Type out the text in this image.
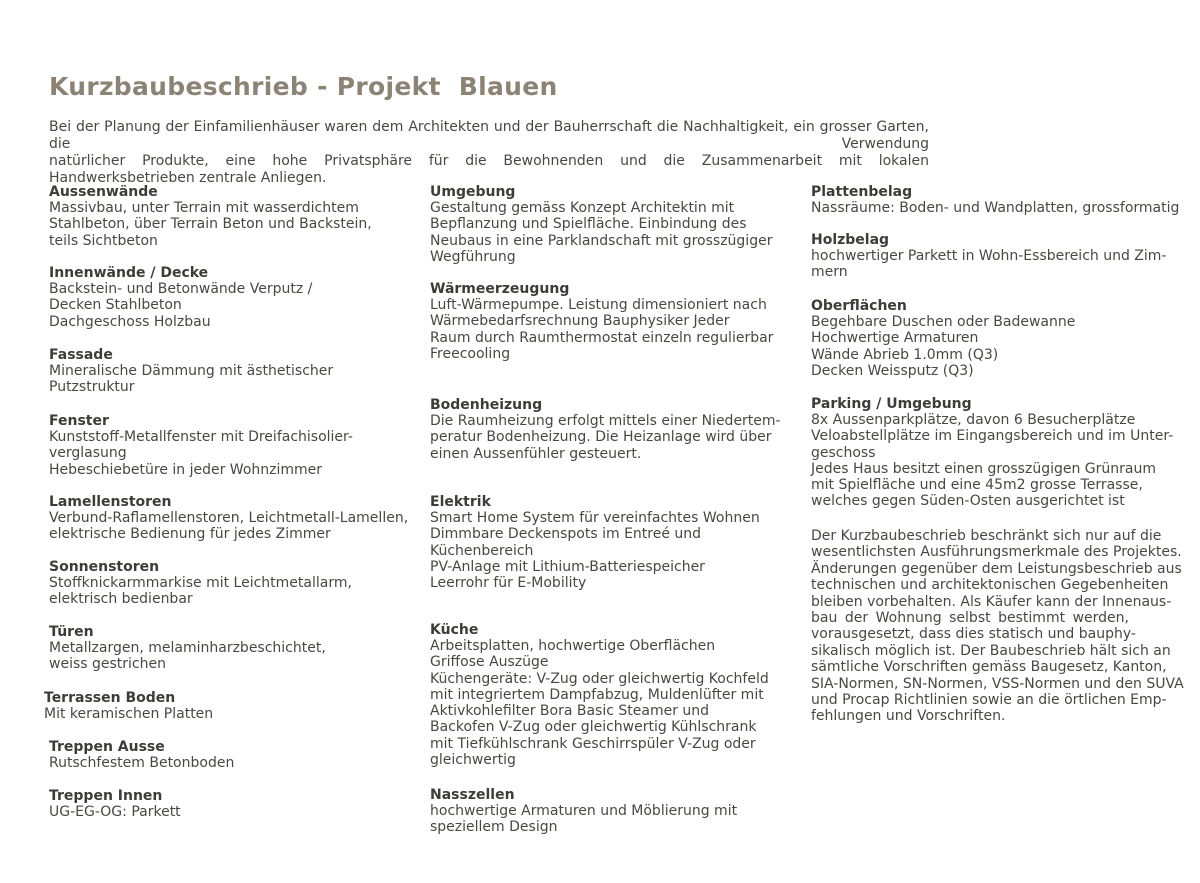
Kurzbaubeschrieb - Projekt  Blauen
Bei der Planung der Einfamilienhäuser waren dem Architekten und der Bauherrschaft die Nachhaltigkeit, ein grosser Garten, die Verwendung
natürlicher Produkte, eine hohe Privatsphäre für die Bewohnenden und die Zusammenarbeit mit lokalen Handwerksbetrieben zentrale Anliegen.
Aussenwände
Massivbau, unter Terrain mit wasserdichtem
Stahlbeton, über Terrain Beton und Backstein,
teils Sichtbeton
Innenwände / Decke
Backstein- und Betonwände Verputz /
Decken Stahlbeton
Dachgeschoss Holzbau
Fassade
Mineralische Dämmung mit ästhetischer
Putzstruktur
Fenster
Kunststoff-Metallfenster mit Dreifachisolier-
verglasung
Hebeschiebetüre in jeder Wohnzimmer
Lamellenstoren
Verbund-Raflamellenstoren, Leichtmetall-Lamellen,
elektrische Bedienung für jedes Zimmer
Sonnenstoren
Stoffknickarmmarkise mit Leichtmetallarm,
elektrisch bedienbar
Türen
Metallzargen, melaminharzbeschichtet,
weiss gestrichen
Terrassen Boden
Mit keramischen Platten
Treppen Ausse
Rutschfestem Betonboden
Treppen Innen
UG-EG-OG: Parkett
Umgebung
Gestaltung gemäss Konzept Architektin mit
Bepflanzung und Spielfläche. Einbindung des
Neubaus in eine Parklandschaft mit grosszügiger
Wegführung
Wärmeerzeugung
Luft-Wärmepumpe. Leistung dimensioniert nach
Wärmebedarfsrechnung Bauphysiker Jeder
Raum durch Raumthermostat einzeln regulierbar
Freecooling
Bodenheizung
Die Raumheizung erfolgt mittels einer Niedertem-
peratur Bodenheizung. Die Heizanlage wird über
einen Aussenfühler gesteuert.
Elektrik
Smart Home System für vereinfachtes Wohnen
Dimmbare Deckenspots im Entreé und
Küchenbereich
PV-Anlage mit Lithium-Batteriespeicher
Leerrohr für E-Mobility
Küche
Arbeitsplatten, hochwertige Oberflächen
Griffose Auszüge
Küchengeräte: V-Zug oder gleichwertig Kochfeld
mit integriertem Dampfabzug, Muldenlüfter mit
Aktivkohlefilter Bora Basic Steamer und
Backofen V-Zug oder gleichwertig Kühlschrank
mit Tiefkühlschrank Geschirrspüler V-Zug oder
gleichwertig
Nasszellen
hochwertige Armaturen und Möblierung mit
speziellem Design
Plattenbelag
Nassräume: Boden- und Wandplatten, grossformatig
Holzbelag
hochwertiger Parkett in Wohn-Essbereich und Zim-
mern
Oberflächen
Begehbare Duschen oder Badewanne
Hochwertige Armaturen
Wände Abrieb 1.0mm (Q3)
Decken Weissputz (Q3)
Parking / Umgebung
8x Aussenparkplätze, davon 6 Besucherplätze
Veloabstellplätze im Eingangsbereich und im Unter-
geschoss
Jedes Haus besitzt einen grosszügigen Grünraum
mit Spielfläche und eine 45m2 grosse Terrasse,
welches gegen Süden-Osten ausgerichtet ist
Der Kurzbaubeschrieb beschränkt sich nur auf die
wesentlichsten Ausführungsmerkmale des Projektes.
Änderungen gegenüber dem Leistungsbeschrieb aus
technischen und architektonischen Gegebenheiten
bleiben vorbehalten. Als Käufer kann der Innenaus-
bau der Wohnung selbst bestimmt werden,
vorausgesetzt, dass dies statisch und bauphy-
sikalisch möglich ist. Der Baubeschrieb hält sich an
sämtliche Vorschriften gemäss Baugesetz, Kanton,
SIA-Normen, SN-Normen, VSS-Normen und den SUVA
und Procap Richtlinien sowie an die örtlichen Emp-
fehlungen und Vorschriften.
